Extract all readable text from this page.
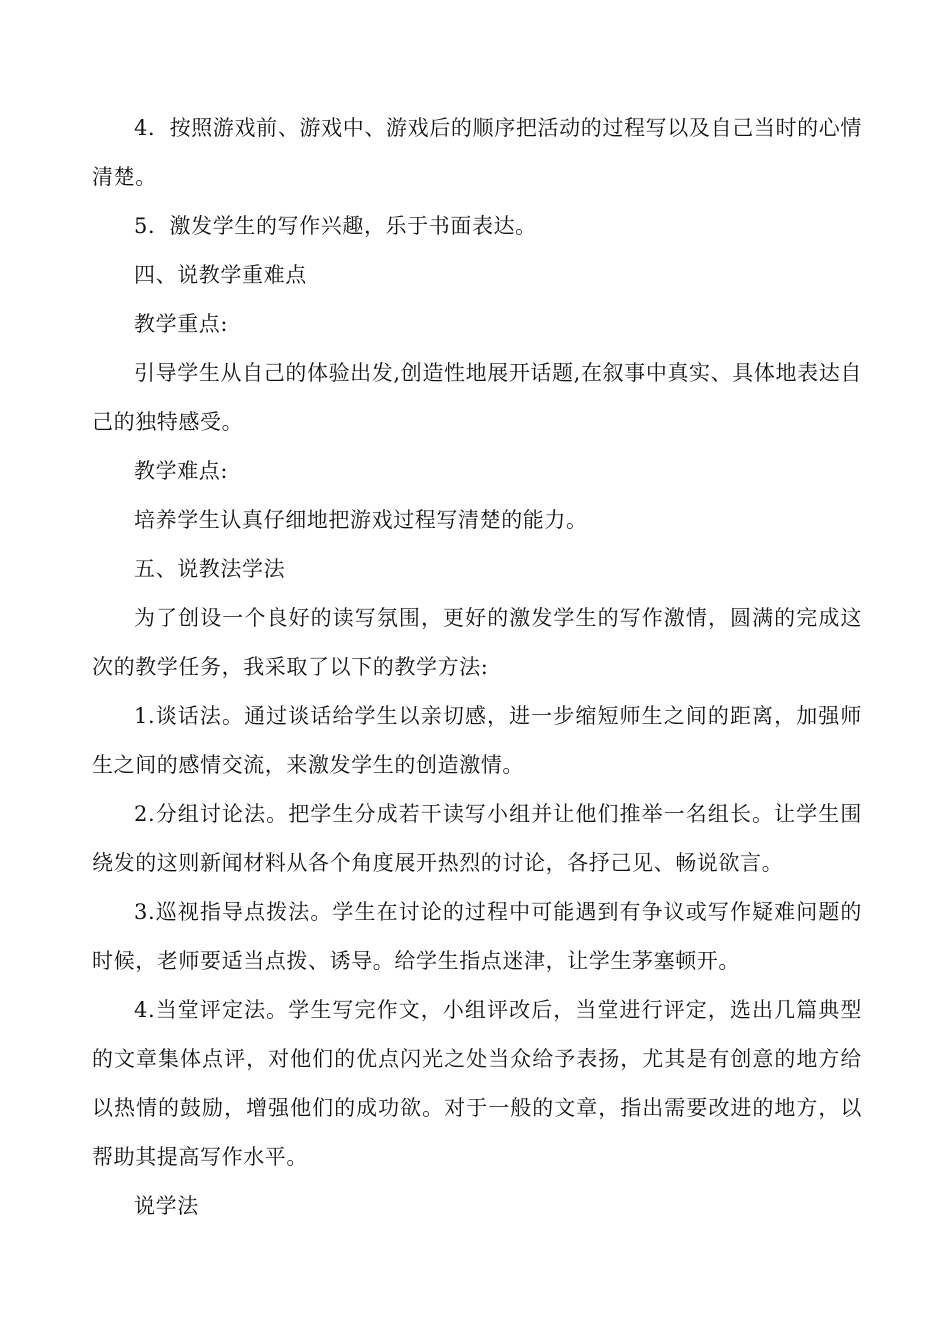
4．按照游戏前、游戏中、游戏后的顺序把活动的过程写以及自己当时的心情清楚。

5．激发学生的写作兴趣，乐于书面表达。

四、说教学重难点

教学重点:

引导学生从自己的体验出发,创造性地展开话题,在叙事中真实、具体地表达自己的独特感受。

教学难点:

培养学生认真仔细地把游戏过程写清楚的能力。

五、说教法学法

为了创设一个良好的读写氛围，更好的激发学生的写作激情，圆满的完成这次的教学任务，我采取了以下的教学方法:

1.谈话法。通过谈话给学生以亲切感，进一步缩短师生之间的距离，加强师生之间的感情交流，来激发学生的创造激情。

2.分组讨论法。把学生分成若干读写小组并让他们推举一名组长。让学生围绕发的这则新闻材料从各个角度展开热烈的讨论，各抒己见、畅说欲言。

3.巡视指导点拨法。学生在讨论的过程中可能遇到有争议或写作疑难问题的时候，老师要适当点拨、诱导。给学生指点迷津，让学生茅塞顿开。

4.当堂评定法。学生写完作文，小组评改后，当堂进行评定，选出几篇典型的文章集体点评，对他们的优点闪光之处当众给予表扬，尤其是有创意的地方给以热情的鼓励，增强他们的成功欲。对于一般的文章，指出需要改进的地方，以帮助其提高写作水平。

说学法
